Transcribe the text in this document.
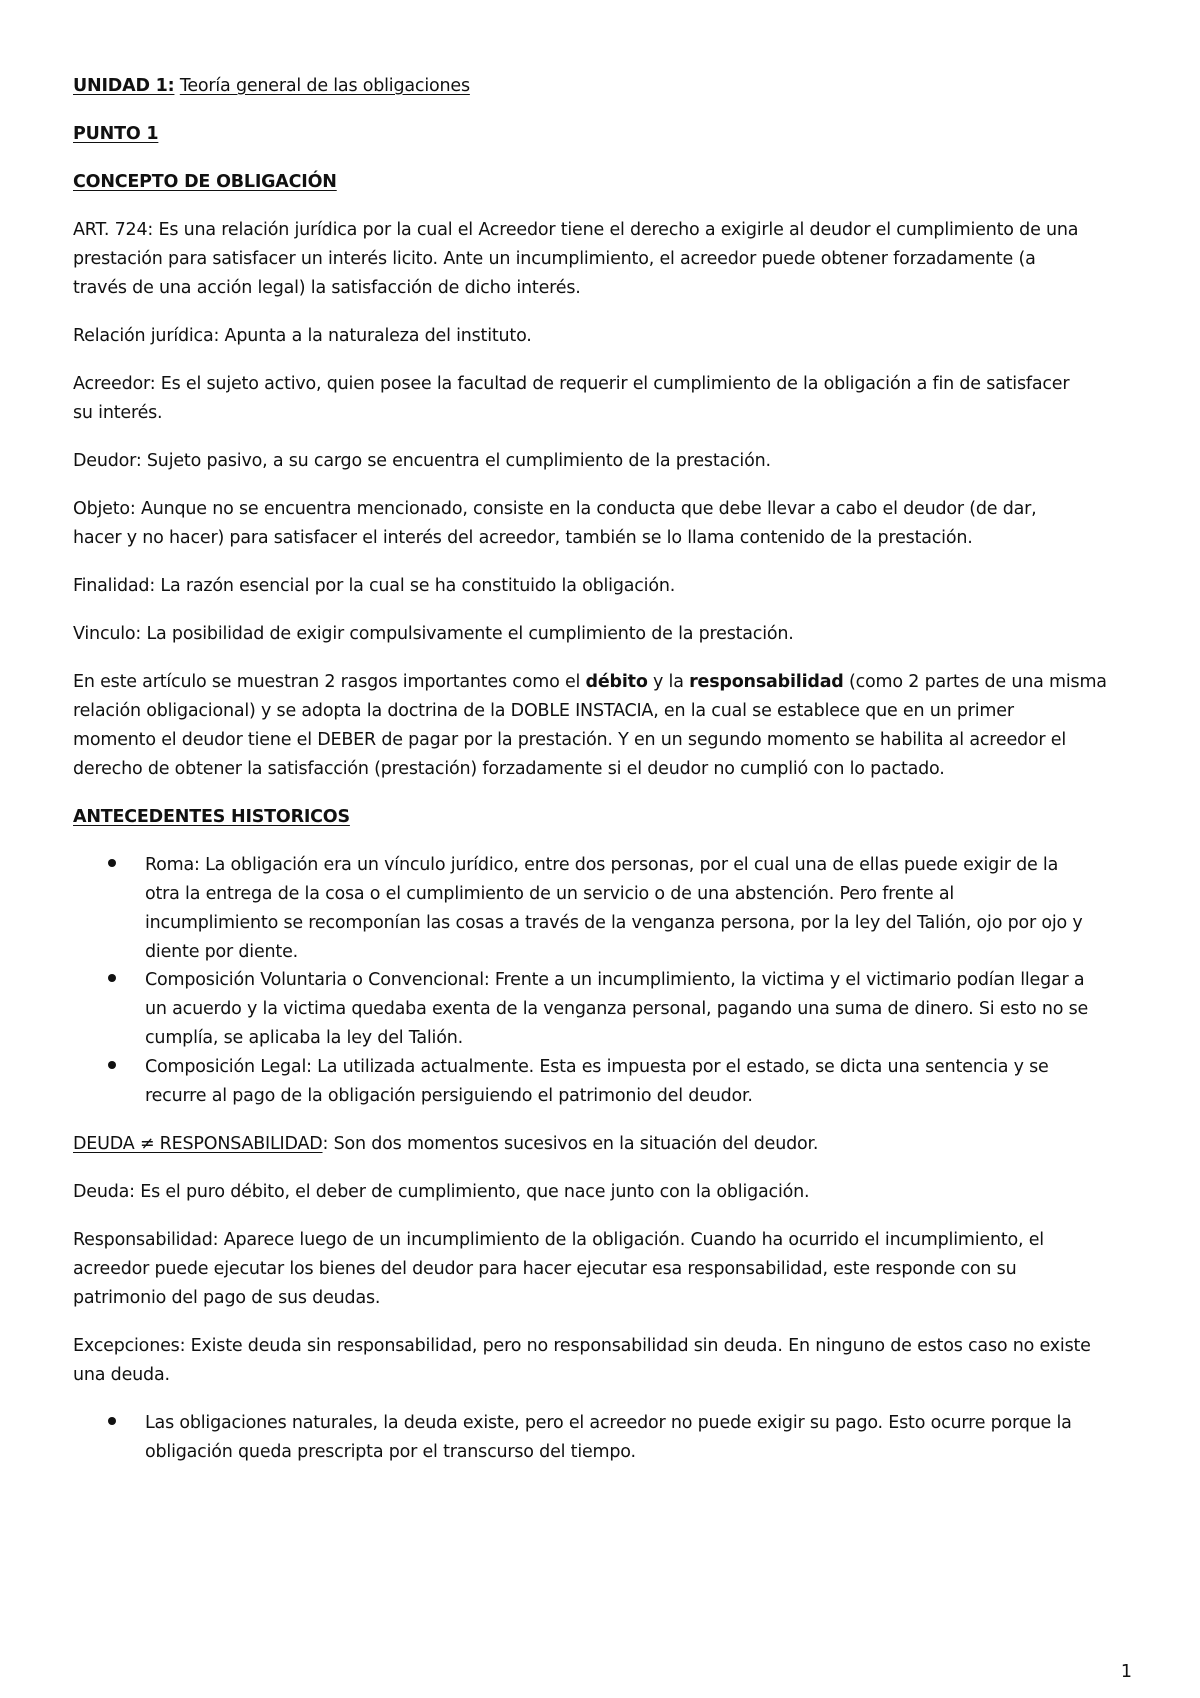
UNIDAD 1: Teoría general de las obligaciones
PUNTO 1
CONCEPTO DE OBLIGACIÓN
ART. 724: Es una relación jurídica por la cual el Acreedor tiene el derecho a exigirle al deudor el cumplimiento de una
prestación para satisfacer un interés licito. Ante un incumplimiento, el acreedor puede obtener forzadamente (a
través de una acción legal) la satisfacción de dicho interés.
Relación jurídica: Apunta a la naturaleza del instituto.
Acreedor: Es el sujeto activo, quien posee la facultad de requerir el cumplimiento de la obligación a fin de satisfacer
su interés.
Deudor: Sujeto pasivo, a su cargo se encuentra el cumplimiento de la prestación.
Objeto: Aunque no se encuentra mencionado, consiste en la conducta que debe llevar a cabo el deudor (de dar,
hacer y no hacer) para satisfacer el interés del acreedor, también se lo llama contenido de la prestación.
Finalidad: La razón esencial por la cual se ha constituido la obligación.
Vinculo: La posibilidad de exigir compulsivamente el cumplimiento de la prestación.
En este artículo se muestran 2 rasgos importantes como el débito y la responsabilidad (como 2 partes de una misma
relación obligacional) y se adopta la doctrina de la DOBLE INSTACIA, en la cual se establece que en un primer
momento el deudor tiene el DEBER de pagar por la prestación. Y en un segundo momento se habilita al acreedor el
derecho de obtener la satisfacción (prestación) forzadamente si el deudor no cumplió con lo pactado.
ANTECEDENTES HISTORICOS
Roma: La obligación era un vínculo jurídico, entre dos personas, por el cual una de ellas puede exigir de la
otra la entrega de la cosa o el cumplimiento de un servicio o de una abstención. Pero frente al
incumplimiento se recomponían las cosas a través de la venganza persona, por la ley del Talión, ojo por ojo y
diente por diente.
Composición Voluntaria o Convencional: Frente a un incumplimiento, la victima y el victimario podían llegar a
un acuerdo y la victima quedaba exenta de la venganza personal, pagando una suma de dinero. Si esto no se
cumplía, se aplicaba la ley del Talión.
Composición Legal: La utilizada actualmente. Esta es impuesta por el estado, se dicta una sentencia y se
recurre al pago de la obligación persiguiendo el patrimonio del deudor.
DEUDA ≠ RESPONSABILIDAD: Son dos momentos sucesivos en la situación del deudor.
Deuda: Es el puro débito, el deber de cumplimiento, que nace junto con la obligación.
Responsabilidad: Aparece luego de un incumplimiento de la obligación. Cuando ha ocurrido el incumplimiento, el
acreedor puede ejecutar los bienes del deudor para hacer ejecutar esa responsabilidad, este responde con su
patrimonio del pago de sus deudas.
Excepciones: Existe deuda sin responsabilidad, pero no responsabilidad sin deuda. En ninguno de estos caso no existe
una deuda.
Las obligaciones naturales, la deuda existe, pero el acreedor no puede exigir su pago. Esto ocurre porque la
obligación queda prescripta por el transcurso del tiempo.
1
